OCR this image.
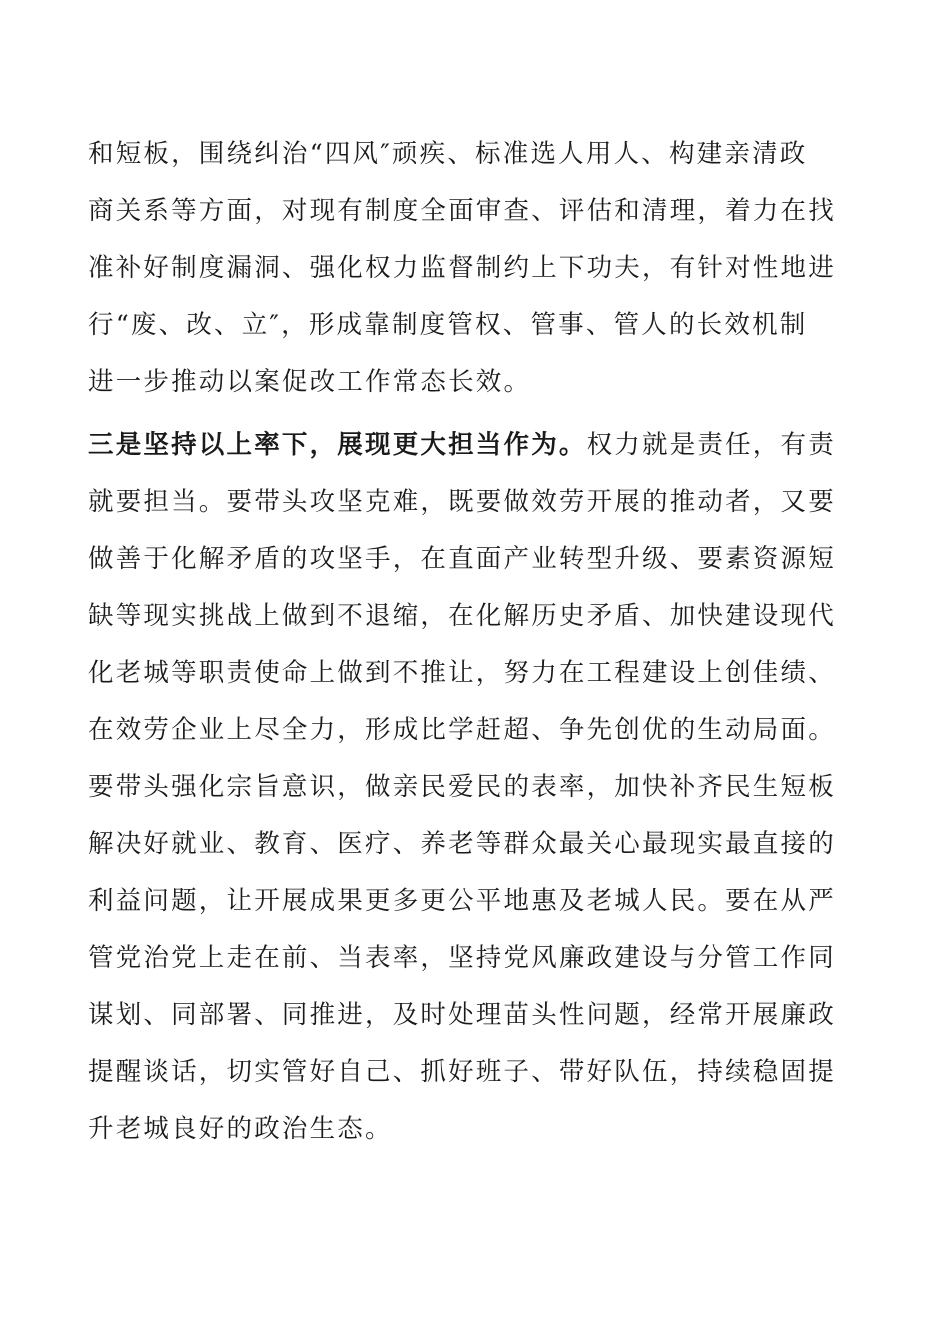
和短板，围绕纠治“四风″顽疾、标准选人用人、构建亲清政
商关系等方面，对现有制度全面审查、评估和清理，着力在找
准补好制度漏洞、强化权力监督制约上下功夫，有针对性地进
行“废、改、立″，形成靠制度管权、管事、管人的长效机制
进一步推动以案促改工作常态长效。
三是坚持以上率下，展现更大担当作为。权力就是责任，有责
就要担当。要带头攻坚克难，既要做效劳开展的推动者，又要
做善于化解矛盾的攻坚手，在直面产业转型升级、要素资源短
缺等现实挑战上做到不退缩，在化解历史矛盾、加快建设现代
化老城等职责使命上做到不推让，努力在工程建设上创佳绩、
在效劳企业上尽全力，形成比学赶超、争先创优的生动局面。
要带头强化宗旨意识，做亲民爱民的表率，加快补齐民生短板
解决好就业、教育、医疗、养老等群众最关心最现实最直接的
利益问题，让开展成果更多更公平地惠及老城人民。要在从严
管党治党上走在前、当表率，坚持党风廉政建设与分管工作同
谋划、同部署、同推进，及时处理苗头性问题，经常开展廉政
提醒谈话，切实管好自己、抓好班子、带好队伍，持续稳固提
升老城良好的政治生态。
